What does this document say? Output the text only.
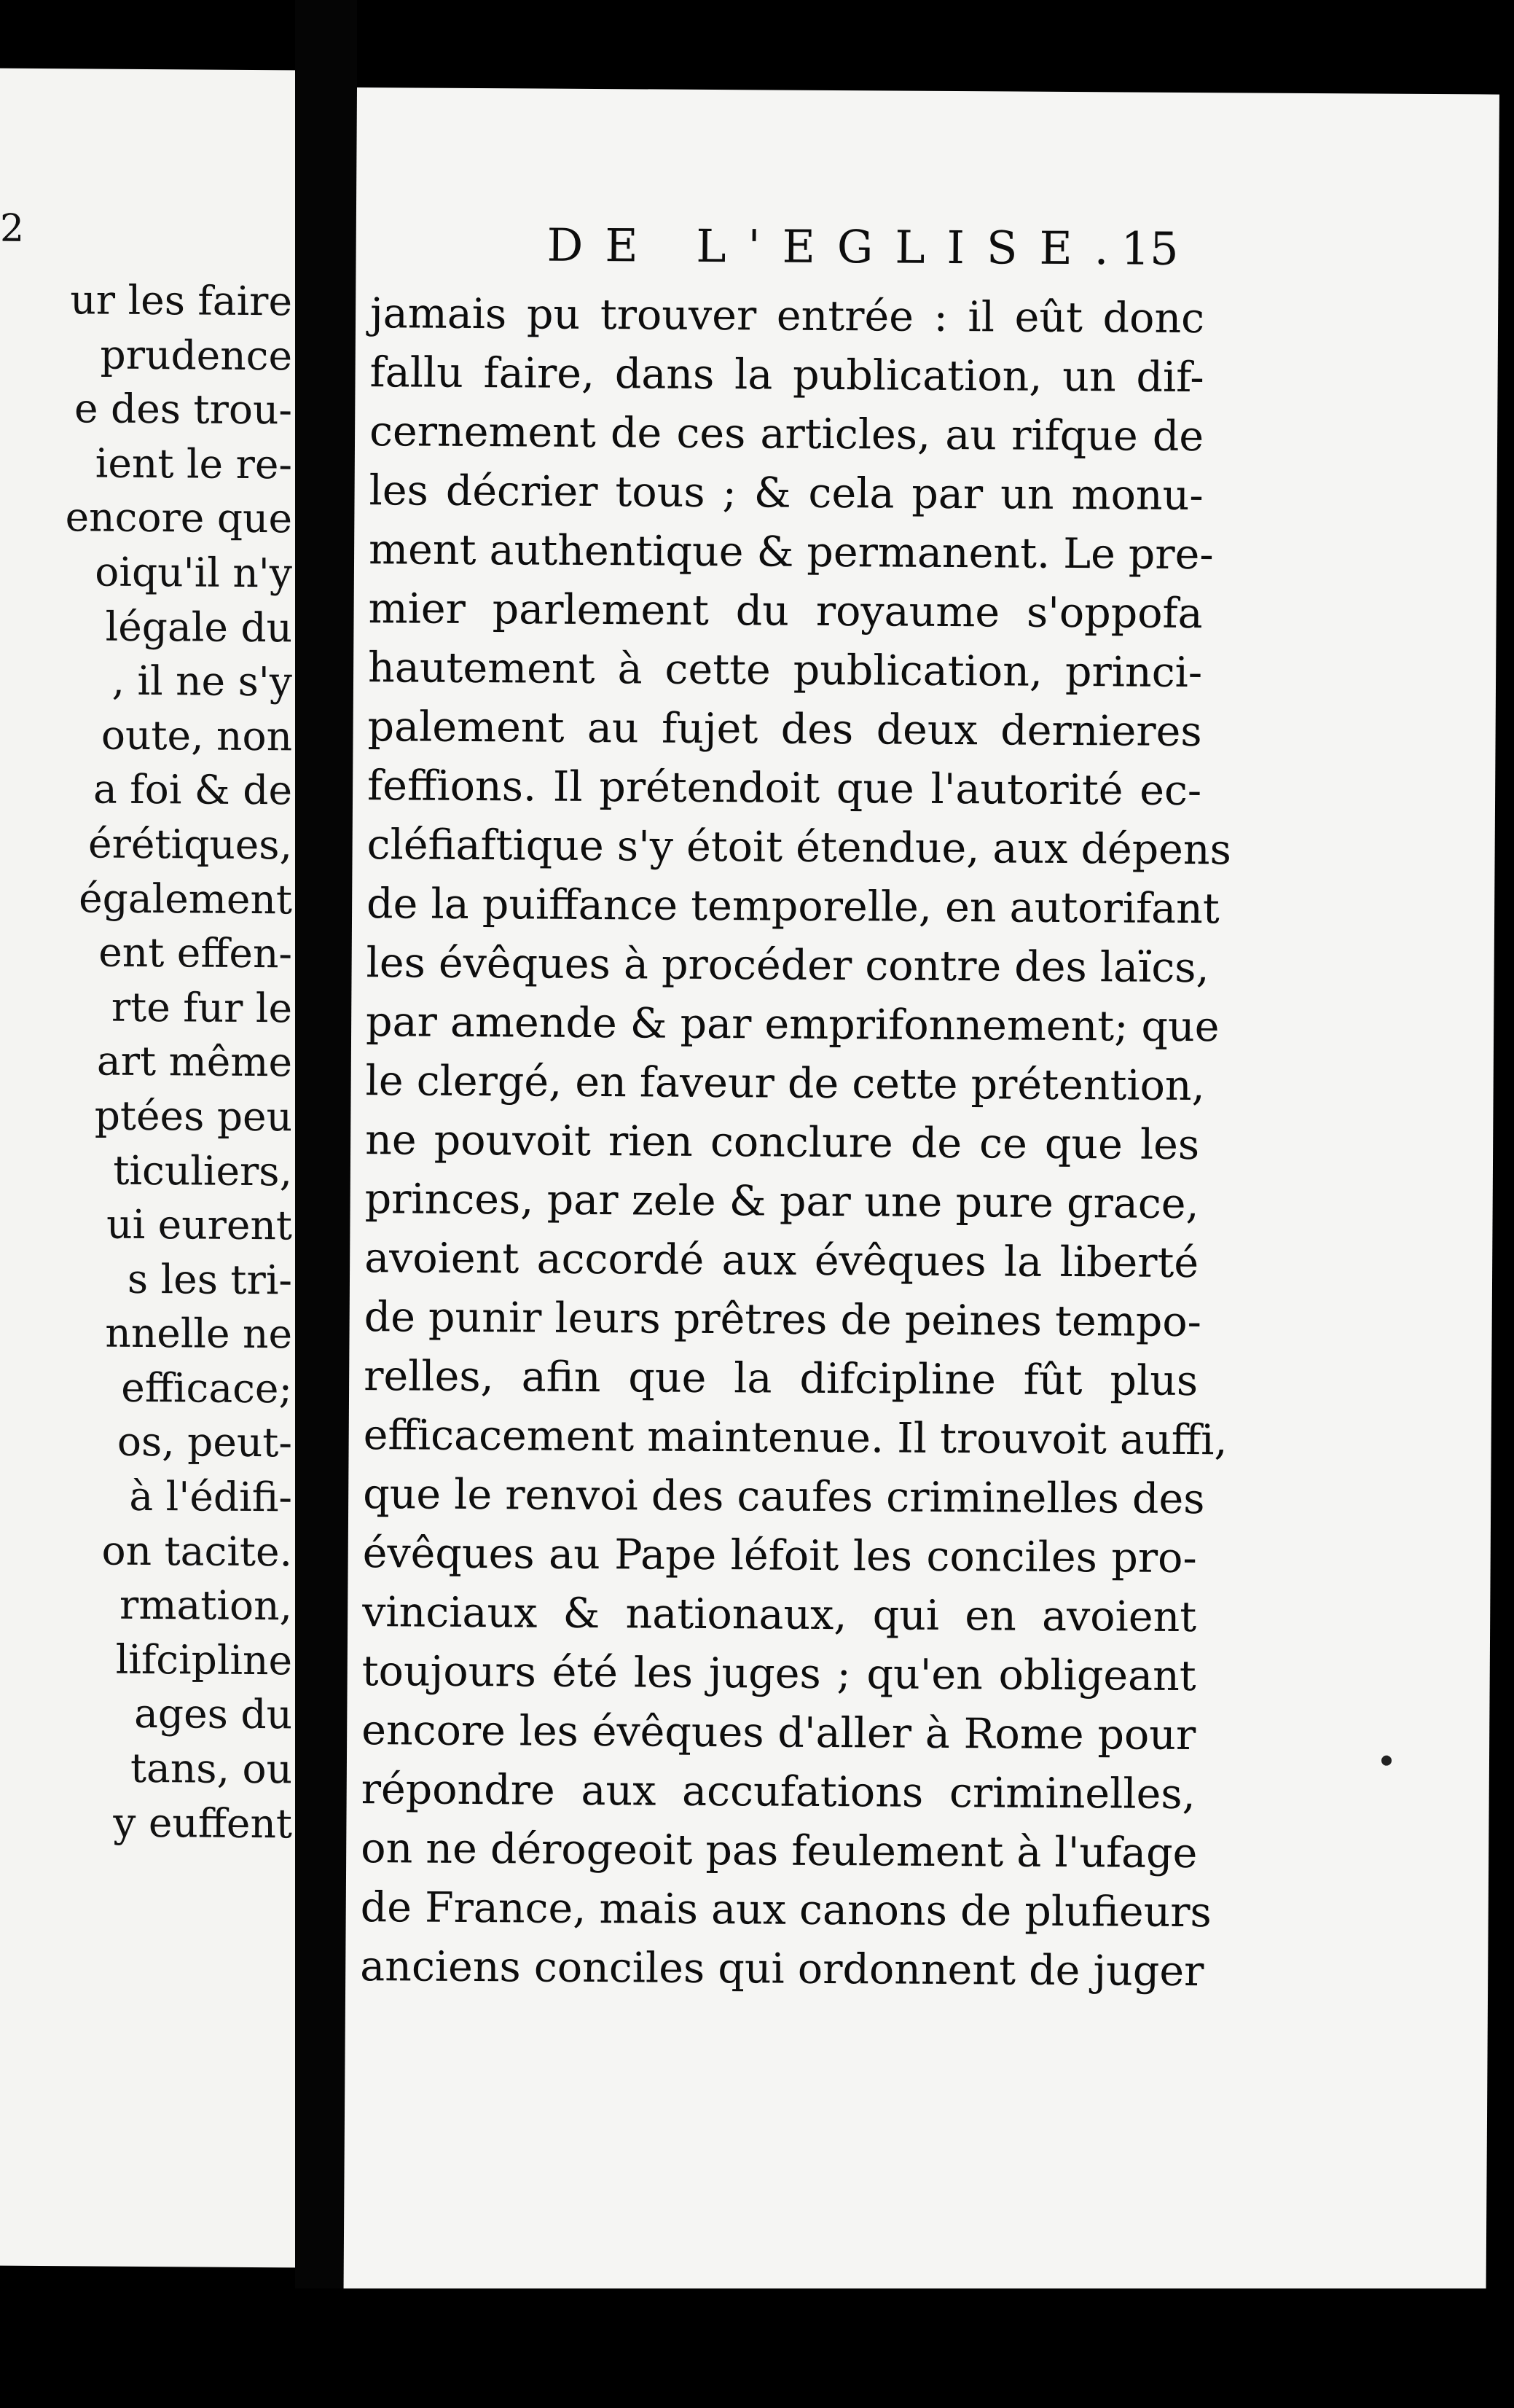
2
ur les faire
prudence
e des trou-
ient le re-
encore que
oiqu'il n'y
légale du
, il ne s'y
oute, non
a foi & de
érétiques,
également
ent effen-
rte fur le
art même
ptées peu
ticuliers,
ui eurent
s les tri-
nnelle ne
efficace;
os, peut-
à l'édifi-
on tacite.
rmation,
lifcipline
ages du
tans, ou
y euffent
DE L'EGLISE.
15
jamais pu trouver entrée : il eût donc
fallu faire, dans la publication, un dif-
cernement de ces articles, au rifque de
les décrier tous ; & cela par un monu-
ment authentique & permanent. Le pre-
mier parlement du royaume s'oppofa
hautement à cette publication, princi-
palement au fujet des deux dernieres
feffions. Il prétendoit que l'autorité ec-
cléfiaftique s'y étoit étendue, aux dépens
de la puiffance temporelle, en autorifant
les évêques à procéder contre des laïcs,
par amende & par emprifonnement; que
le clergé, en faveur de cette prétention,
ne pouvoit rien conclure de ce que les
princes, par zele & par une pure grace,
avoient accordé aux évêques la liberté
de punir leurs prêtres de peines tempo-
relles, afin que la difcipline fût plus
efficacement maintenue. Il trouvoit auffi,
que le renvoi des caufes criminelles des
évêques au Pape léfoit les conciles pro-
vinciaux & nationaux, qui en avoient
toujours été les juges ; qu'en obligeant
encore les évêques d'aller à Rome pour
répondre aux accufations criminelles,
on ne dérogeoit pas feulement à l'ufage
de France, mais aux canons de plufieurs
anciens conciles qui ordonnent de juger
